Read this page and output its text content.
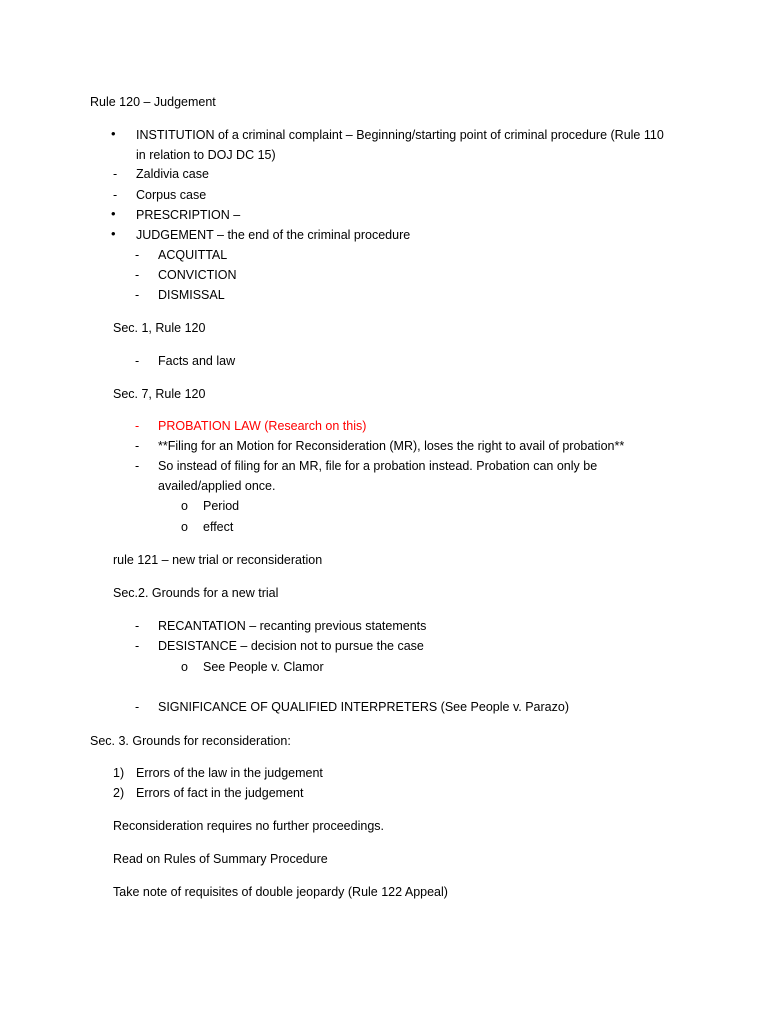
Rule 120 – Judgement
• INSTITUTION of a criminal complaint – Beginning/starting point of criminal procedure (Rule 110
in relation to DOJ DC 15)
- Zaldivia case
- Corpus case
• PRESCRIPTION –
• JUDGEMENT – the end of the criminal procedure
- ACQUITTAL
- CONVICTION
- DISMISSAL
Sec. 1, Rule 120
- Facts and law
Sec. 7, Rule 120
- PROBATION LAW (Research on this)
- **Filing for an Motion for Reconsideration (MR), loses the right to avail of probation**
- So instead of filing for an MR, file for a probation instead. Probation can only be
availed/applied once.
o Period
o effect
rule 121 – new trial or reconsideration
Sec.2. Grounds for a new trial
- RECANTATION – recanting previous statements
- DESISTANCE – decision not to pursue the case
o See People v. Clamor
- SIGNIFICANCE OF QUALIFIED INTERPRETERS (See People v. Parazo)
Sec. 3. Grounds for reconsideration:
1) Errors of the law in the judgement
2) Errors of fact in the judgement
Reconsideration requires no further proceedings.
Read on Rules of Summary Procedure
Take note of requisites of double jeopardy (Rule 122 Appeal)
